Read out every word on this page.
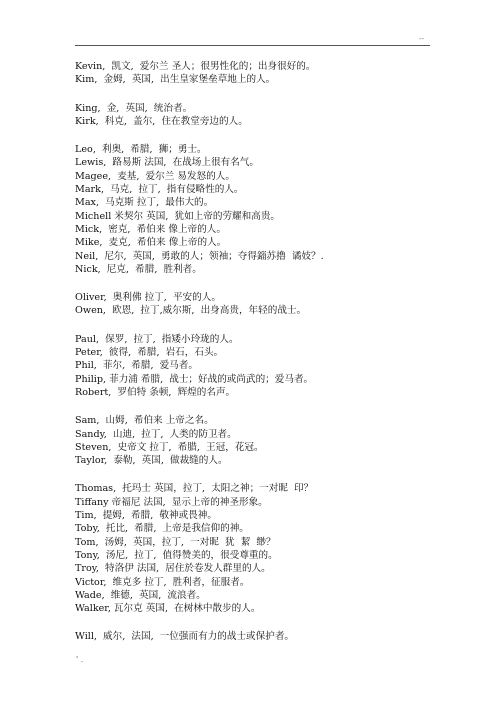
--
Kevin,  凯文,  爱尔兰 圣人；很男性化的；出身很好的。
Kim,  金姆,  英国,  出生皇家堡垒草地上的人。
King,  金,  英国,  统治者。
Kirk,  科克,  盖尔,  住在教堂旁边的人。
Leo,  利奥,  希腊,  狮；勇士。
Lewis,  路易斯 法国,  在战场上很有名气。
Magee,  麦基,  爱尔兰 易发怒的人。
Mark,  马克,  拉丁,  指有侵略性的人。
Max,  马克斯 拉丁,  最伟大的。
Michell 米契尔 英国,  犹如上帝的劳耀和高贵。
Mick,  密克,  希伯来 像上帝的人。
Mike,  麦克,  希伯来 像上帝的人。
Neil,  尼尔,  英国,  勇敢的人；领袖；夺得錙苏擼  谲妓？.
Nick,  尼克,  希腊,  胜利者。
Oliver,  奥利佛 拉丁,  平安的人。
Owen,  欧恩,  拉丁,威尔斯,  出身高贵，年轻的战士。
Paul,  保罗,  拉丁,  指矮小玲珑的人。
Peter,  彼得,  希腊,  岩石，石头。
Phil,  菲尔,  希腊,  爱马者。
Philip, 菲力浦 希腊,  战士；好战的或尚武的；爱马者。
Robert,  罗伯特 条顿,  辉煌的名声。
Sam,  山姆,  希伯来 上帝之名。
Sandy,  山迪,  拉丁,  人类的防卫者。
Steven,  史帝文 拉丁,  希腊,  王冠，花冠。
Taylor,  泰勒,  英国,  做裁缝的人。
Thomas,  托玛士 英国，拉丁,  太阳之神；一对昵  印？
Tiffany 帝福尼 法国,  显示上帝的神圣形象。
Tim,  提姆,  希腊,  敬神或畏神。
Toby,  托比,  希腊,  上帝是我信仰的神。
Tom,  汤姆,  英国，拉丁,  一对昵  犹  絜  缈？
Tony,  汤尼,  拉丁,  值得赞美的，很受尊重的。
Troy,  特洛伊 法国,  居住於卷发人群里的人。
Victor,  维克多 拉丁,  胜利者，征服者。
Wade,  维德,  英国,  流浪者。
Walker, 瓦尔克 英国,  在树林中散步的人。
Will,  威尔,  法国,  一位强而有力的战士或保护者。
' .
